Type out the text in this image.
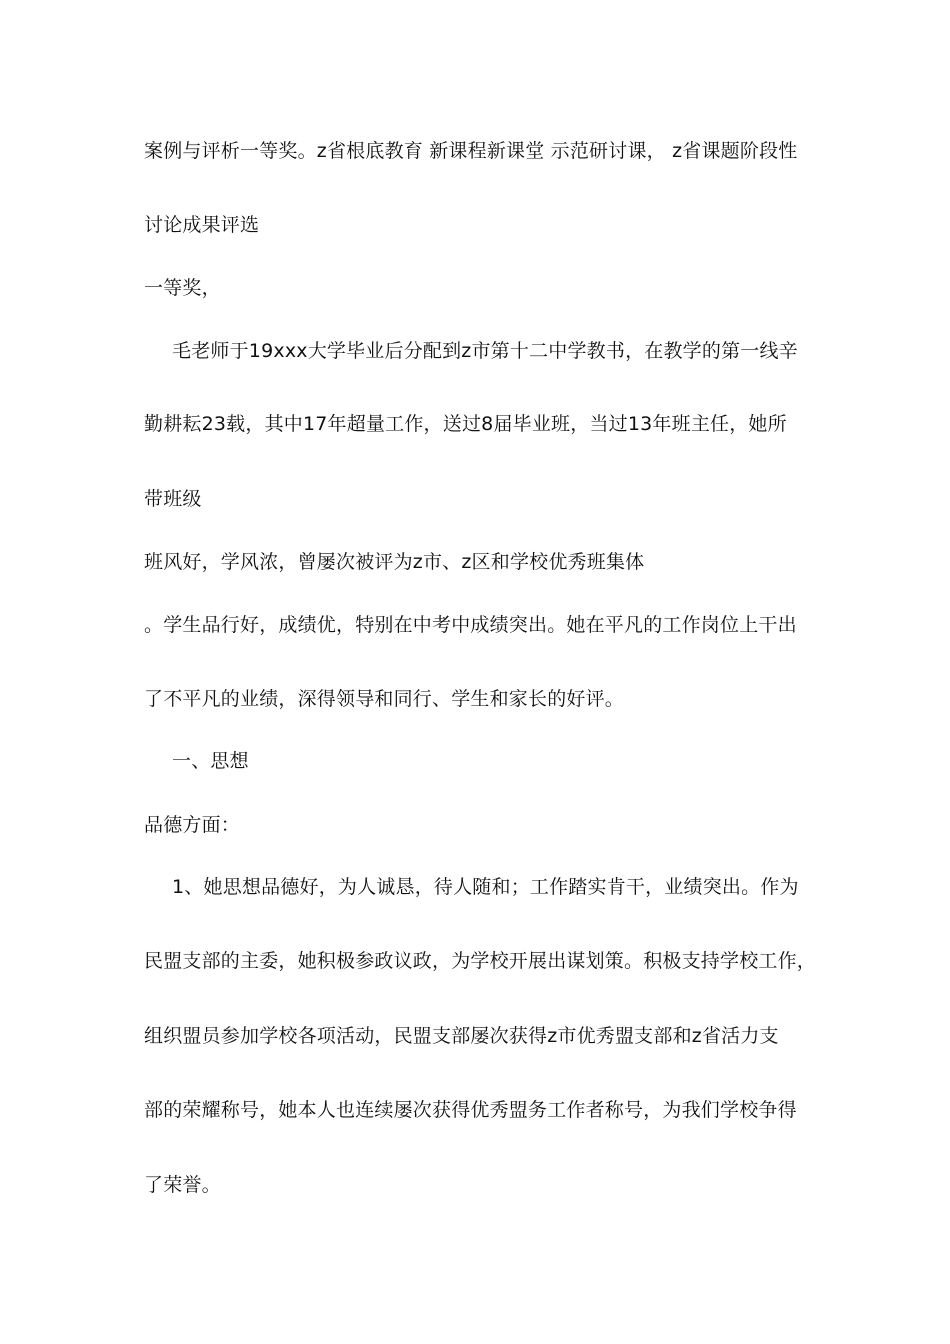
案例与评析一等奖。z省根底教育 新课程新课堂 示范研讨课， z省课题阶段性
讨论成果评选
一等奖，
毛老师于19xxx大学毕业后分配到z市第十二中学教书，在教学的第一线辛
勤耕耘23载，其中17年超量工作，送过8届毕业班，当过13年班主任，她所
带班级
班风好，学风浓，曾屡次被评为z市、z区和学校优秀班集体
。学生品行好，成绩优，特别在中考中成绩突出。她在平凡的工作岗位上干出
了不平凡的业绩，深得领导和同行、学生和家长的好评。
一、思想
品德方面：
1、她思想品德好，为人诚恳，待人随和；工作踏实肯干，业绩突出。作为
民盟支部的主委，她积极参政议政，为学校开展出谋划策。积极支持学校工作，
组织盟员参加学校各项活动，民盟支部屡次获得z市优秀盟支部和z省活力支
部的荣耀称号，她本人也连续屡次获得优秀盟务工作者称号，为我们学校争得
了荣誉。
